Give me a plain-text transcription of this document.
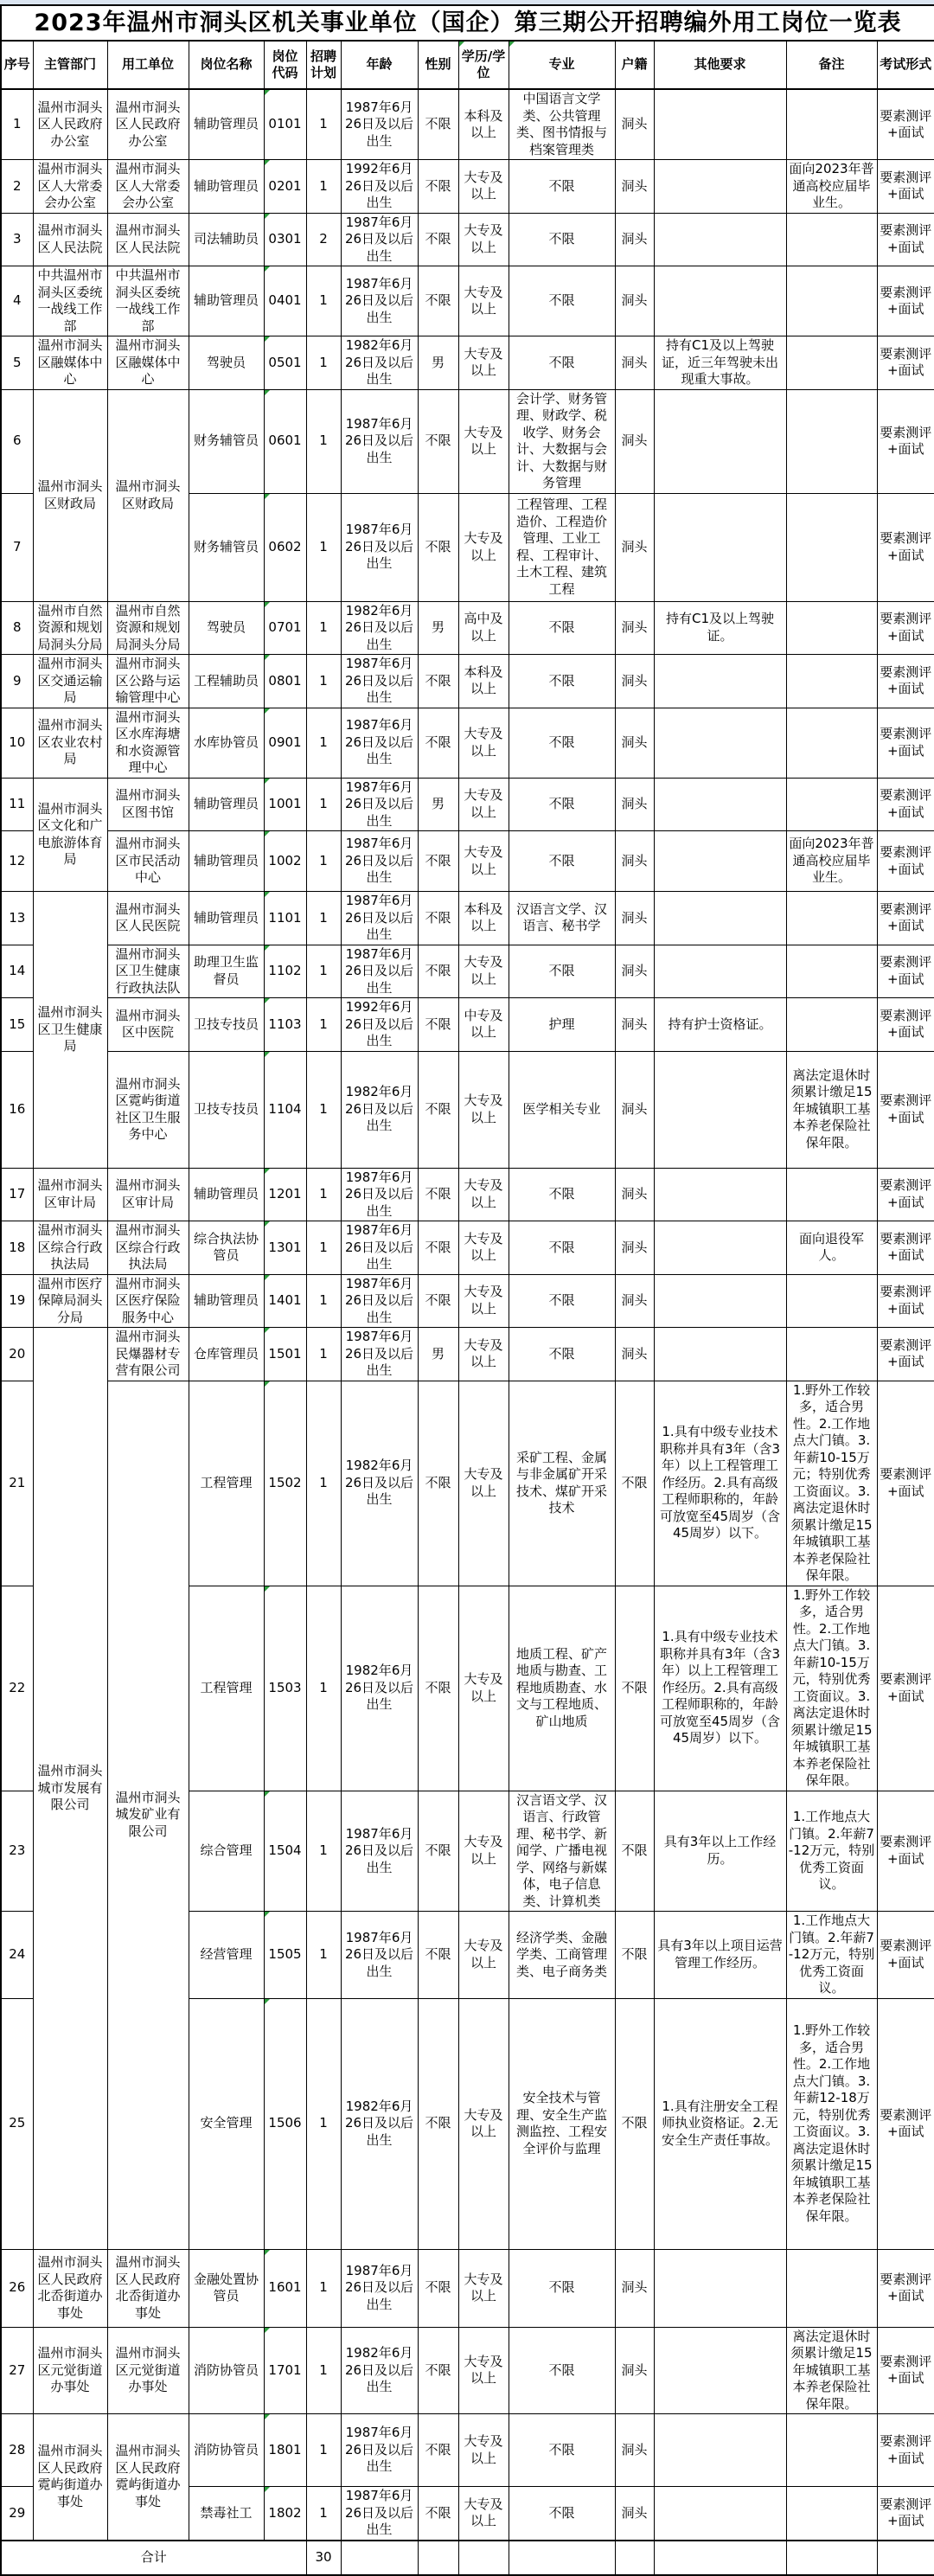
2023年温州市洞头区机关事业单位（国企）第三期公开招聘编外用工岗位一览表													
序号	主管部门	用工单位	岗位名称	岗位代码	招聘计划	年龄	性别	学历/学位	专业	户籍	其他要求	备注	考试形式
1	温州市洞头区人民政府办公室	温州市洞头区人民政府办公室	辅助管理员	0101	1	1987年6月26日及以后出生	不限	本科及以上	中国语言文学类、公共管理类、图书情报与档案管理类	洞头			要素测评+面试
2	温州市洞头区人大常委会办公室	温州市洞头区人大常委会办公室	辅助管理员	0201	1	1992年6月26日及以后出生	不限	大专及以上	不限	洞头		面向2023年普通高校应届毕业生。	要素测评+面试
3	温州市洞头区人民法院	温州市洞头区人民法院	司法辅助员	0301	2	1987年6月26日及以后出生	不限	大专及以上	不限	洞头			要素测评+面试
4	中共温州市洞头区委统一战线工作部	中共温州市洞头区委统一战线工作部	辅助管理员	0401	1	1987年6月26日及以后出生	不限	大专及以上	不限	洞头			要素测评+面试
5	温州市洞头区融媒体中心	温州市洞头区融媒体中心	驾驶员	0501	1	1982年6月26日及以后出生	男	大专及以上	不限	洞头	持有C1及以上驾驶证，近三年驾驶未出现重大事故。		要素测评+面试
6	温州市洞头区财政局	温州市洞头区财政局	财务辅管员	0601	1	1987年6月26日及以后出生	不限	大专及以上	会计学、财务管理、财政学、税收学、财务会计、大数据与会计、大数据与财务管理	洞头			要素测评+面试
7			财务辅管员	0602	1	1987年6月26日及以后出生	不限	大专及以上	工程管理、工程造价、工程造价管理、工业工程、工程审计、土木工程、建筑工程	洞头			要素测评+面试
8	温州市自然资源和规划局洞头分局	温州市自然资源和规划局洞头分局	驾驶员	0701	1	1982年6月26日及以后出生	男	高中及以上	不限	洞头	持有C1及以上驾驶证。		要素测评+面试
9	温州市洞头区交通运输局	温州市洞头区公路与运输管理中心	工程辅助员	0801	1	1987年6月26日及以后出生	不限	本科及以上	不限	洞头			要素测评+面试
10	温州市洞头区农业农村局	温州市洞头区水库海塘和水资源管理中心	水库协管员	0901	1	1987年6月26日及以后出生	不限	大专及以上	不限	洞头			要素测评+面试
11	温州市洞头区文化和广电旅游体育局	温州市洞头区图书馆	辅助管理员	1001	1	1987年6月26日及以后出生	男	大专及以上	不限	洞头			要素测评+面试
12		温州市洞头区市民活动中心	辅助管理员	1002	1	1987年6月26日及以后出生	不限	大专及以上	不限	洞头		面向2023年普通高校应届毕业生。	要素测评+面试
13	温州市洞头区卫生健康局	温州市洞头区人民医院	辅助管理员	1101	1	1987年6月26日及以后出生	不限	本科及以上	汉语言文学、汉语言、秘书学	洞头			要素测评+面试
14		温州市洞头区卫生健康行政执法队	助理卫生监督员	1102	1	1987年6月26日及以后出生	不限	大专及以上	不限	洞头			要素测评+面试
15		温州市洞头区中医院	卫技专技员	1103	1	1992年6月26日及以后出生	不限	中专及以上	护理	洞头	持有护士资格证。		要素测评+面试
16		温州市洞头区霓屿街道社区卫生服务中心	卫技专技员	1104	1	1982年6月26日及以后出生	不限	大专及以上	医学相关专业	洞头		离法定退休时须累计缴足15年城镇职工基本养老保险社保年限。	要素测评+面试
17	温州市洞头区审计局	温州市洞头区审计局	辅助管理员	1201	1	1987年6月26日及以后出生	不限	大专及以上	不限	洞头			要素测评+面试
18	温州市洞头区综合行政执法局	温州市洞头区综合行政执法局	综合执法协管员	1301	1	1987年6月26日及以后出生	不限	大专及以上	不限	洞头		面向退役军人。	要素测评+面试
19	温州市医疗保障局洞头分局	温州市洞头区医疗保险服务中心	辅助管理员	1401	1	1987年6月26日及以后出生	不限	大专及以上	不限	洞头			要素测评+面试
20	温州市洞头城市发展有限公司	温州市洞头民爆器材专营有限公司	仓库管理员	1501	1	1987年6月26日及以后出生	男	大专及以上	不限	洞头			要素测评+面试
21		温州市洞头城发矿业有限公司	工程管理	1502	1	1982年6月26日及以后出生	不限	大专及以上	采矿工程、金属与非金属矿开采技术、煤矿开采技术	不限	1.具有中级专业技术职称并具有3年（含3年）以上工程管理工作经历。2.具有高级工程师职称的，年龄可放宽至45周岁（含45周岁）以下。	1.野外工作较多，适合男性。2.工作地点大门镇。3.年薪10-15万元；特别优秀工资面议。3.离法定退休时须累计缴足15年城镇职工基本养老保险社保年限。	要素测评+面试
22			工程管理	1503	1	1982年6月26日及以后出生	不限	大专及以上	地质工程、矿产地质与勘查、工程地质勘查、水文与工程地质、矿山地质	不限	1.具有中级专业技术职称并具有3年（含3年）以上工程管理工作经历。2.具有高级工程师职称的，年龄可放宽至45周岁（含45周岁）以下。	1.野外工作较多，适合男性。2.工作地点大门镇。3.年薪10-15万元，特别优秀工资面议。3.离法定退休时须累计缴足15年城镇职工基本养老保险社保年限。	要素测评+面试
23			综合管理	1504	1	1987年6月26日及以后出生	不限	大专及以上	汉言语文学、汉语言、行政管理、秘书学、新闻学、广播电视学、网络与新媒体，电子信息类、计算机类	不限	具有3年以上工作经历。	1.工作地点大门镇。2.年薪7-12万元，特别优秀工资面议。	要素测评+面试
24			经营管理	1505	1	1987年6月26日及以后出生	不限	大专及以上	经济学类、金融学类、工商管理类、电子商务类	不限	具有3年以上项目运营管理工作经历。	1.工作地点大门镇。2.年薪7-12万元，特别优秀工资面议。	要素测评+面试
25			安全管理	1506	1	1982年6月26日及以后出生	不限	大专及以上	安全技术与管理、安全生产监测监控、工程安全评价与监理	不限	1.具有注册安全工程师执业资格证。2.无安全生产责任事故。	1.野外工作较多，适合男性。2.工作地点大门镇。3.年薪12-18万元，特别优秀工资面议。3.离法定退休时须累计缴足15年城镇职工基本养老保险社保年限。	要素测评+面试
26	温州市洞头区人民政府北岙街道办事处	温州市洞头区人民政府北岙街道办事处	金融处置协管员	1601	1	1987年6月26日及以后出生	不限	大专及以上	不限	洞头			要素测评+面试
27	温州市洞头区元觉街道办事处	温州市洞头区元觉街道办事处	消防协管员	1701	1	1982年6月26日及以后出生	不限	大专及以上	不限	洞头		离法定退休时须累计缴足15年城镇职工基本养老保险社保年限。	要素测评+面试
28	温州市洞头区人民政府霓屿街道办事处	温州市洞头区人民政府霓屿街道办事处	消防协管员	1801	1	1987年6月26日及以后出生	不限	大专及以上	不限	洞头			要素测评+面试
29			禁毒社工	1802	1	1987年6月26日及以后出生	不限	大专及以上	不限	洞头			要素测评+面试
合计					30								
